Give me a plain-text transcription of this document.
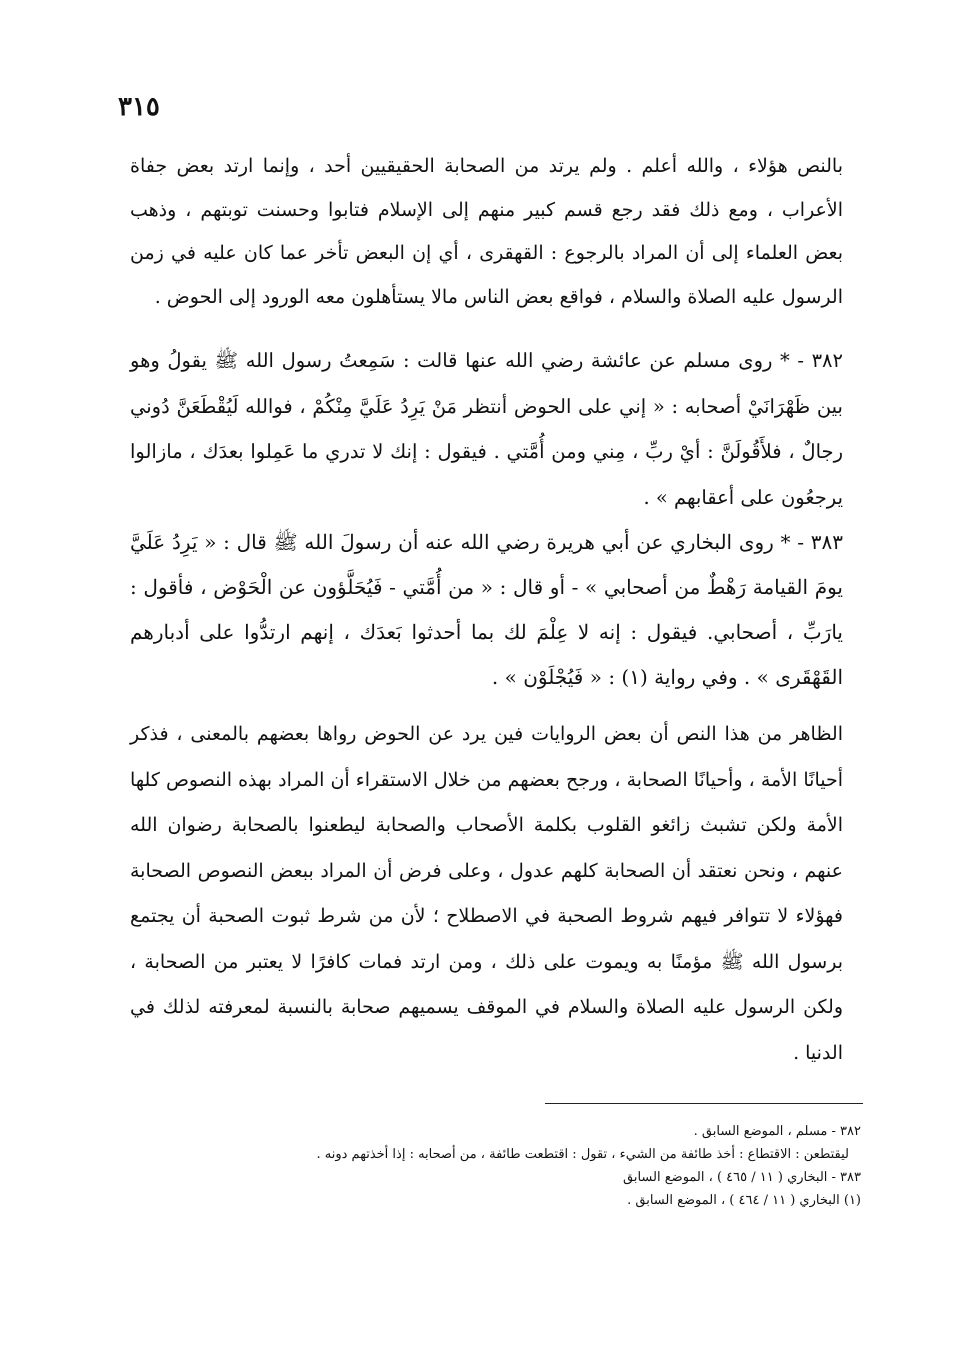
٣١٥

بالنص هؤلاء ، والله أعلم . ولم يرتد من الصحابة الحقيقيين أحد ، وإنما ارتد بعض جفاة الأعراب ، ومع ذلك فقد رجع قسم كبير منهم إلى الإسلام فتابوا وحسنت توبتهم ، وذهب بعض العلماء إلى أن المراد بالرجوع : القهقرى ، أي إن البعض تأخر عما كان عليه في زمن الرسول عليه الصلاة والسلام ، فواقع بعض الناس مالا يستأهلون معه الورود إلى الحوض .

٣٨٢ - * روى مسلم عن عائشة رضي الله عنها قالت : سَمِعتُ رسول الله ﷺ يقولُ وهو بين ظَهْرَانَيْ أصحابه : « إني على الحوض أنتظر مَنْ يَرِدُ عَلَيَّ مِنْكُمْ ، فوالله لَيُقْطَعَنَّ دُوني رجالٌ ، فلأَقُولَنَّ : أيْ ربِّ ، مِني ومن أُمَّتي . فيقول : إنك لا تدري ما عَمِلوا بعدَك ، مازالوا يرجعُون على أعقابهم » .

٣٨٣ - * روى البخاري عن أبي هريرة رضي الله عنه أن رسولَ الله ﷺ قال : « يَرِدُ عَلَيَّ يومَ القيامة رَهْطٌ من أصحابي » - أو قال : « من أُمَّتي - فَيُحَلَّؤون عن الْحَوْض ، فأقول : يارَبِّ ، أصحابي. فيقول : إنه لا عِلْمَ لك بما أحدثوا بَعدَك ، إنهم ارتدُّوا على أدبارهم القَهْقَرى » . وفي رواية (١) : « فَيُجْلَوْن » .

الظاهر من هذا النص أن بعض الروايات فين يرد عن الحوض رواها بعضهم بالمعنى ، فذكر أحيانًا الأمة ، وأحيانًا الصحابة ، ورجح بعضهم من خلال الاستقراء أن المراد بهذه النصوص كلها الأمة ولكن تشبث زائغو القلوب بكلمة الأصحاب والصحابة ليطعنوا بالصحابة رضوان الله عنهم ، ونحن نعتقد أن الصحابة كلهم عدول ، وعلى فرض أن المراد ببعض النصوص الصحابة فهؤلاء لا تتوافر فيهم شروط الصحبة في الاصطلاح ؛ لأن من شرط ثبوت الصحبة أن يجتمع برسول الله ﷺ مؤمنًا به ويموت على ذلك ، ومن ارتد فمات كافرًا لا يعتبر من الصحابة ، ولكن الرسول عليه الصلاة والسلام في الموقف يسميهم صحابة بالنسبة لمعرفته لذلك في الدنيا .

٣٨٢ - مسلم ، الموضع السابق .

ليقتطعن : الاقتطاع : أخذ طائفة من الشيء ، تقول : اقتطعت طائفة ، من أصحابه : إذا أخذتهم دونه .

٣٨٣ - البخاري ( ١١ / ٤٦٥ ) ، الموضع السابق

(١) البخاري ( ١١ / ٤٦٤ ) ، الموضع السابق .
